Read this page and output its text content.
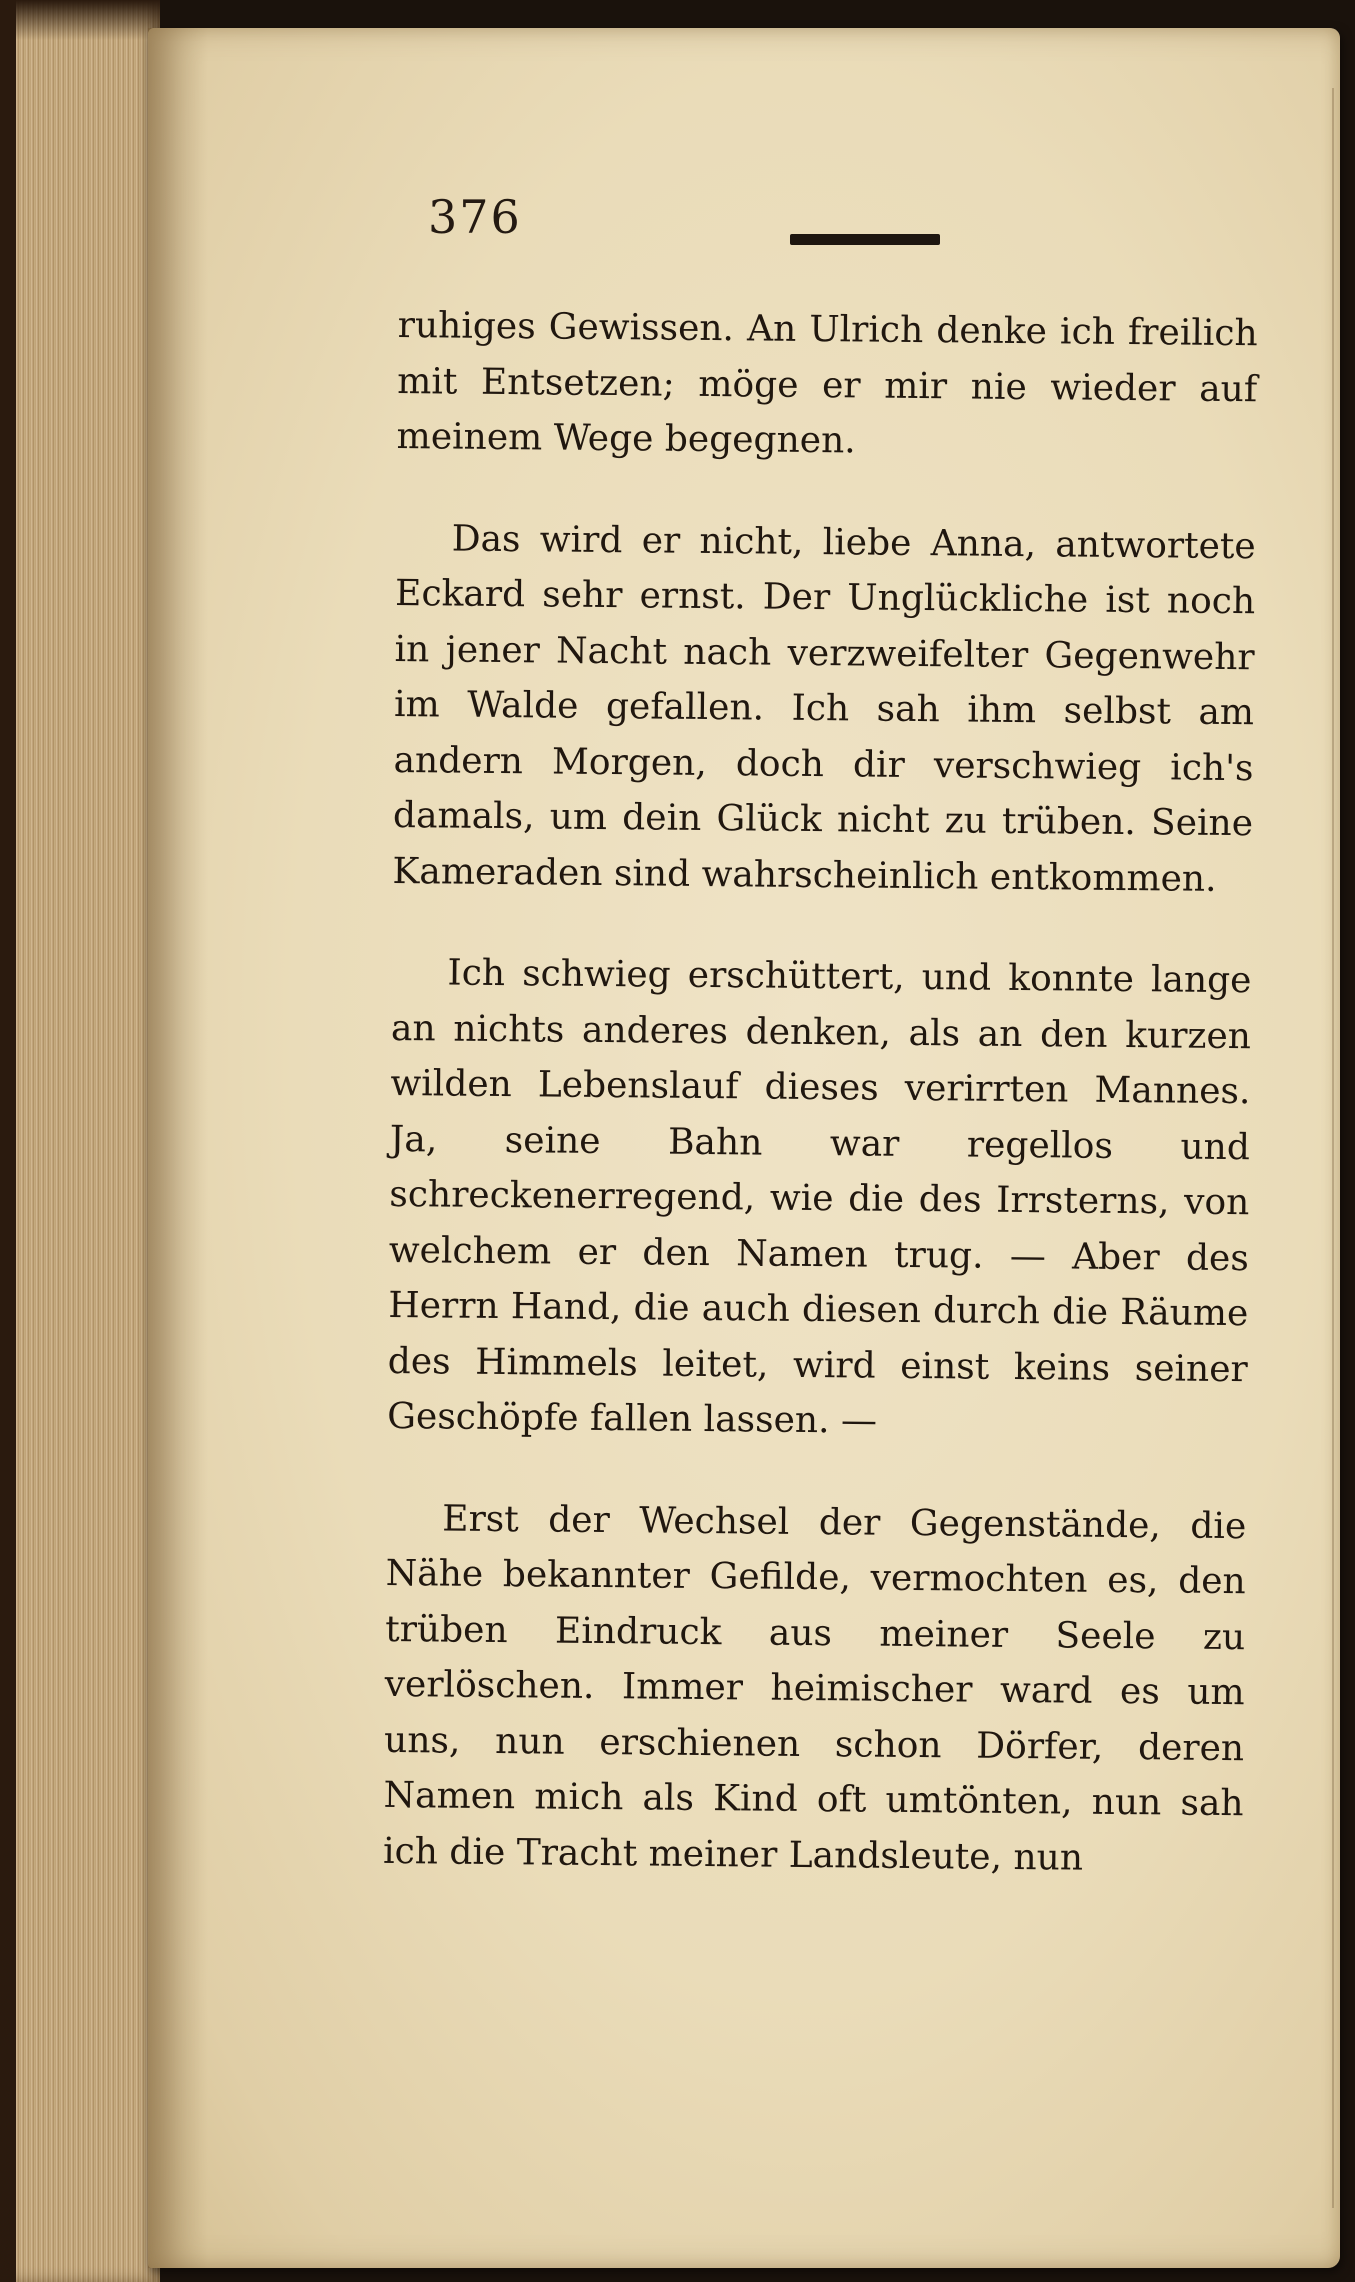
376

ruhiges Gewissen. An Ulrich denke ich freilich mit Entsetzen; möge er mir nie wieder auf meinem Wege begegnen.

Das wird er nicht, liebe Anna, antwortete Eckard sehr ernst. Der Unglückliche ist noch in jener Nacht nach verzweifelter Gegenwehr im Walde gefallen. Ich sah ihm selbst am andern Morgen, doch dir verschwieg ich's damals, um dein Glück nicht zu trüben. Seine Kameraden sind wahrscheinlich entkommen.

Ich schwieg erschüttert, und konnte lange an nichts anderes denken, als an den kurzen wilden Lebenslauf dieses verirrten Mannes. Ja, seine Bahn war regellos und schreckenerregend, wie die des Irrsterns, von welchem er den Namen trug. — Aber des Herrn Hand, die auch diesen durch die Räume des Himmels leitet, wird einst keins seiner Geschöpfe fallen lassen. —

Erst der Wechsel der Gegenstände, die Nähe bekannter Gefilde, vermochten es, den trüben Eindruck aus meiner Seele zu verlöschen. Immer heimischer ward es um uns, nun erschienen schon Dörfer, deren Namen mich als Kind oft umtönten, nun sah ich die Tracht meiner Landsleute, nun
